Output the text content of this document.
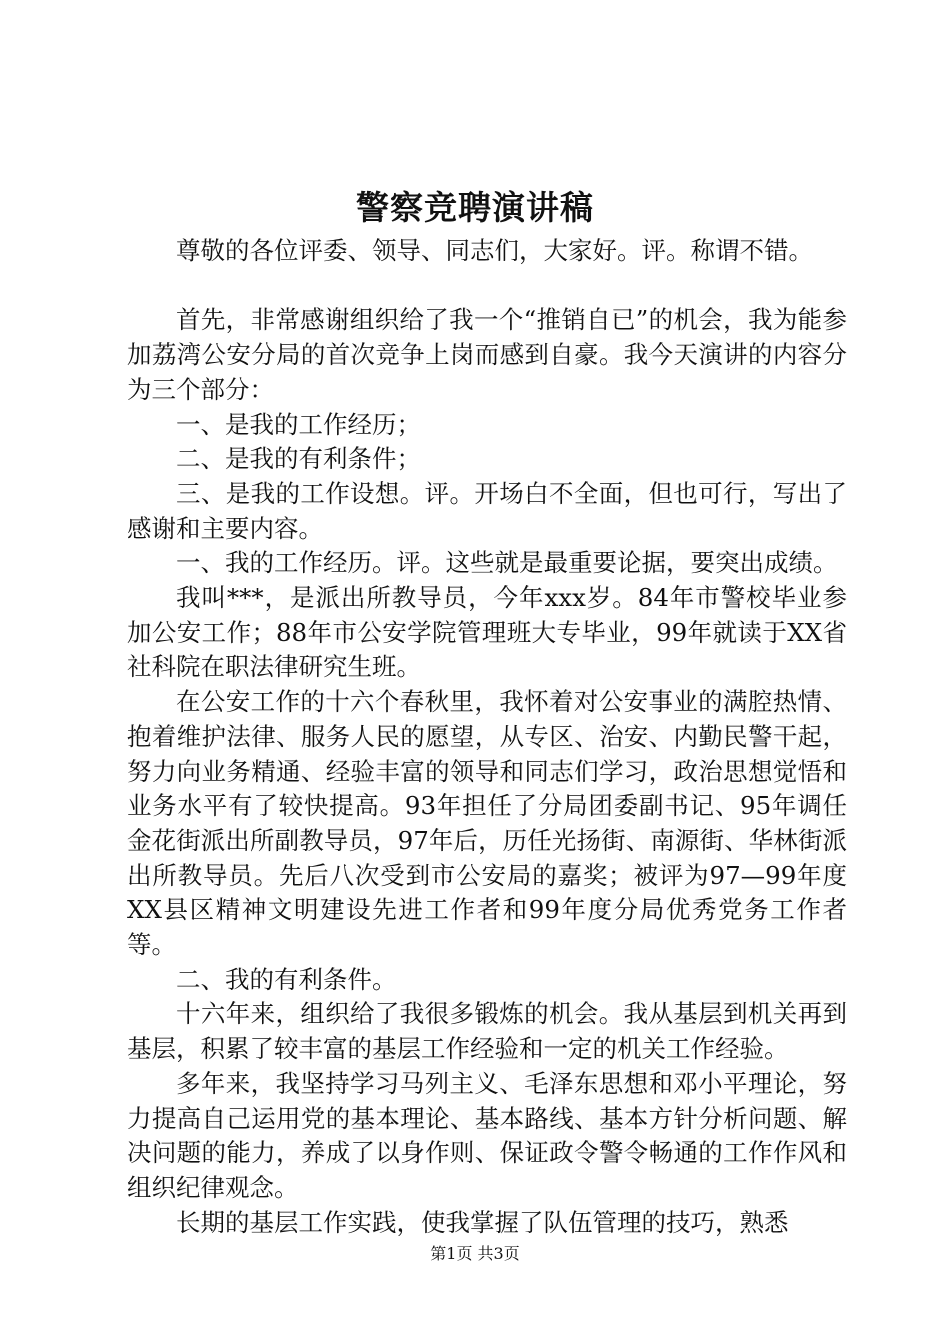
警察竞聘演讲稿

尊敬的各位评委、领导、同志们，大家好。评。称谓不错。

首先，非常感谢组织给了我一个“推销自已”的机会，我为能参加荔湾公安分局的首次竞争上岗而感到自豪。我今天演讲的内容分为三个部分：

一、是我的工作经历；

二、是我的有利条件；

三、是我的工作设想。评。开场白不全面，但也可行，写出了感谢和主要内容。

一、我的工作经历。评。这些就是最重要论据，要突出成绩。

我叫***，是派出所教导员，今年xxx岁。84年市警校毕业参加公安工作；88年市公安学院管理班大专毕业，99年就读于XX省社科院在职法律研究生班。

在公安工作的十六个春秋里，我怀着对公安事业的满腔热情、抱着维护法律、服务人民的愿望，从专区、治安、内勤民警干起，努力向业务精通、经验丰富的领导和同志们学习，政治思想觉悟和业务水平有了较快提高。93年担任了分局团委副书记、95年调任金花街派出所副教导员，97年后，历任光扬街、南源街、华林街派出所教导员。先后八次受到市公安局的嘉奖；被评为97—99年度XX县区精神文明建设先进工作者和99年度分局优秀党务工作者等。

二、我的有利条件。

十六年来，组织给了我很多锻炼的机会。我从基层到机关再到基层，积累了较丰富的基层工作经验和一定的机关工作经验。

多年来，我坚持学习马列主义、毛泽东思想和邓小平理论，努力提高自己运用党的基本理论、基本路线、基本方针分析问题、解决问题的能力，养成了以身作则、保证政令警令畅通的工作作风和组织纪律观念。

长期的基层工作实践，使我掌握了队伍管理的技巧，熟悉

第1页 共3页
